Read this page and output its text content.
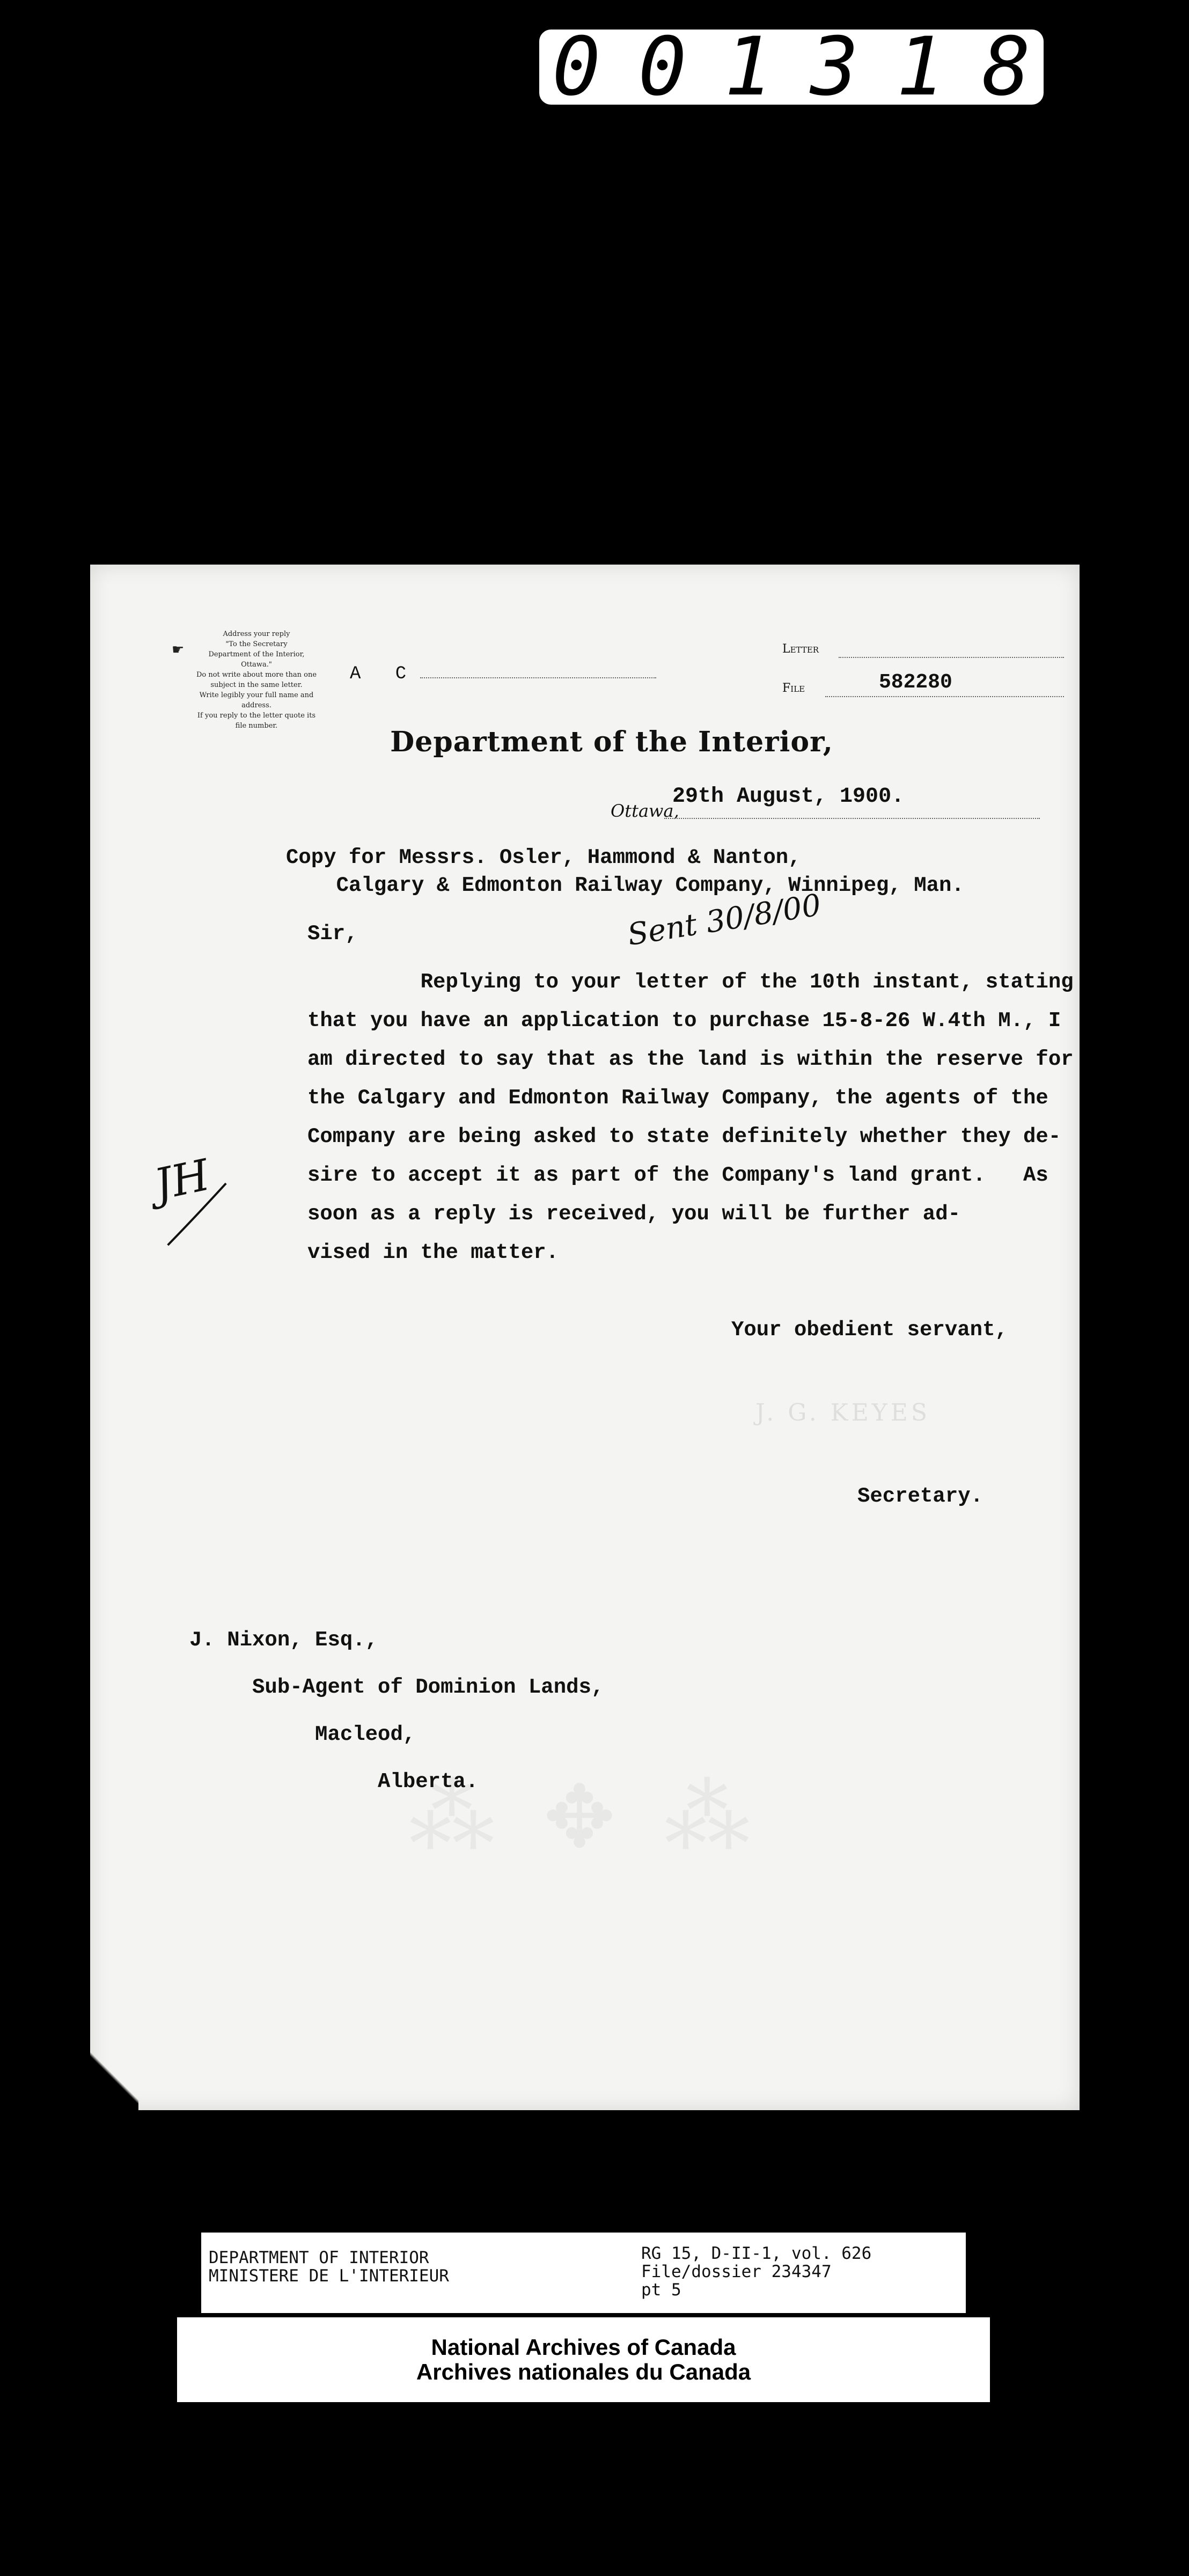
001318
☛
Address your reply
"To the Secretary
Department of the Interior,
Ottawa."
Do not write about more than one
subject in the same letter.
Write legibly your full name and
address.
If you reply to the letter quote its
file number.
A C
Letter
File	582280
Department of the Interior,
29th August, 1900.
Ottawa,
Copy for Messrs. Osler, Hammond & Nanton,
Calgary & Edmonton Railway Company, Winnipeg, Man.
Sir,	Sent 30/8/00
Replying to your letter of the 10th instant, stating
that you have an application to purchase 15-8-26 W.4th M., I
am directed to say that as the land is within the reserve for
the Calgary and Edmonton Railway Company, the agents of the
Company are being asked to state definitely whether they de-
sire to accept it as part of the Company's land grant.   As
soon as a reply is received, you will be further ad-
vised in the matter.
JH
Your obedient servant,
J. G. KEYES
Secretary.
J. Nixon, Esq.,
Sub-Agent of Dominion Lands,
Macleod,
Alberta.
⁂ ✥ ⁂
DEPARTMENT OF INTERIOR
MINISTERE DE L'INTERIEUR
RG 15, D-II-1, vol. 626
File/dossier 234347
pt 5
National Archives of Canada
Archives nationales du Canada
